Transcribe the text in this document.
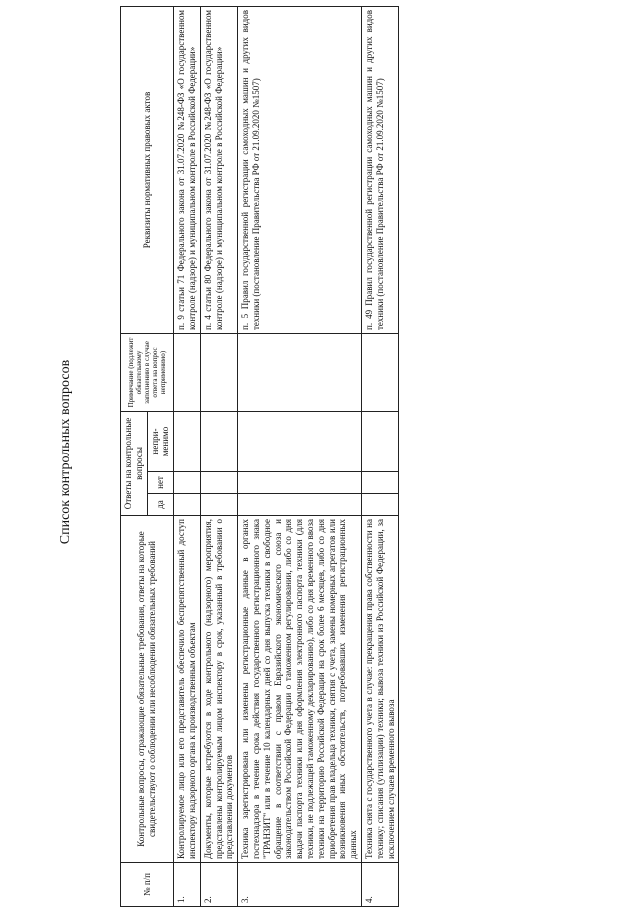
Список контрольных вопросов
№ п/п	Контрольные вопросы, отражающие обязательные требования, ответы на которые свидетельствуют о соблюдении или несоблюдении обязательных требований	Ответы на контрольные вопросы			Примечание (подлежит обязательному заполнению в случае ответа на вопрос неприменимо)	Реквизиты нормативных правовых актов
		да	нет	непри- менимо		
1.	Контролируемое лицо или его представитель обеспечило беспрепятственный доступ инспектору надзорного органа к производственным объектам					п. 9 статьи 71 Федерального закона от 31.07.2020 №248-ФЗ «О государственном контроле (надзоре) и муниципальном контроле в Российской Федерации»
2.	Документы, которые истребуются в ходе контрольного (надзорного) мероприятия, представлены контролируемым лицом инспектору в срок, указанный в требовании о представлении документов					п. 4 статьи 80 Федерального закона от 31.07.2020 №248-ФЗ «О государственном контроле (надзоре) и муниципальном контроле в Российской Федерации»
3.	Техника зарегистрирована или изменены регистрационные данные в органах гостехнадзора в течение срока действия государственного регистрационного знака "ТРАНЗИТ" или в течение 10 календарных дней со дня выпуска техники в свободное обращение в соответствии с правом Евразийского экономического союза и законодательством Российской Федерации о таможенном регулировании, либо со дня выдачи паспорта техники или дня оформления электронного паспорта техники (для техники, не подлежащей таможенному декларированию), либо со дня временного ввоза техники на территорию Российской Федерации на срок более 6 месяцев, либо со дня приобретения прав владельца техники, снятия с учета, замены номерных агрегатов или возникновения иных обстоятельств, потребовавших изменения регистрационных данных					п. 5 Правил государственной регистрации самоходных машин и других видов техники (постановление Правительства РФ от 21.09.2020 №1507)
4.	Техника снята с государственного учета в случае: прекращения права собственности на технику; списания (утилизации) техники; вывоза техники из Российской Федерации, за исключением случаев временного вывоза					п. 49 Правил государственной регистрации самоходных машин и других видов техники (постановление Правительства РФ от 21.09.2020 №1507)
